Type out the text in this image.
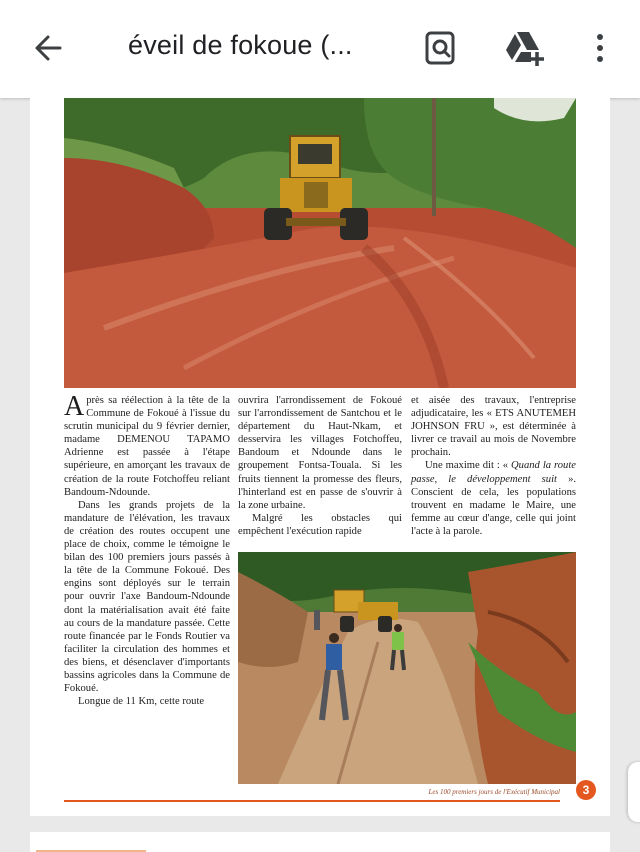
éveil de fokoue (...

Après sa réélection à la tête de la Commune de Fokoué à l'issue du scrutin municipal du 9 février dernier, madame DEMENOU TAPAMO Adrienne est passée à l'étape supérieure, en amorçant les travaux de création de la route Fotchoffeu reliant Bandoum-Ndounde.

Dans les grands projets de la mandature de l'élévation, les travaux de création des routes occupent une place de choix, comme le témoigne le bilan des 100 premiers jours passés à la tête de la Commune Fokoué. Des engins sont déployés sur le terrain pour ouvrir l'axe Bandoum-Ndounde dont la matérialisation avait été faite au cours de la mandature passée. Cette route financée par le Fonds Routier va faciliter la circulation des hommes et des biens, et désenclaver d'importants bassins agricoles dans la Commune de Fokoué.

Longue de 11 Km, cette route

ouvrira l'arrondissement de Fokoué sur l'arrondissement de Santchou et le département du Haut-Nkam, et desservira les villages Fotchoffeu, Bandoum et Ndounde dans le groupement Fontsa-Touala. Si les fruits tiennent la promesse des fleurs, l'hinterland est en passe de s'ouvrir à la zone urbaine.

Malgré les obstacles qui empêchent l'exécution rapide

et aisée des travaux, l'entreprise adjudicataire, les « ETS ANUTEMEH JOHNSON FRU », est déterminée à livrer ce travail au mois de Novembre prochain.

Une maxime dit : « Quand la route passe, le développement suit ». Conscient de cela, les populations trouvent en madame le Maire, une femme au cœur d'ange, celle qui joint l'acte à la parole.

Les 100 premiers jours de l'Exécutif Municipal	3
